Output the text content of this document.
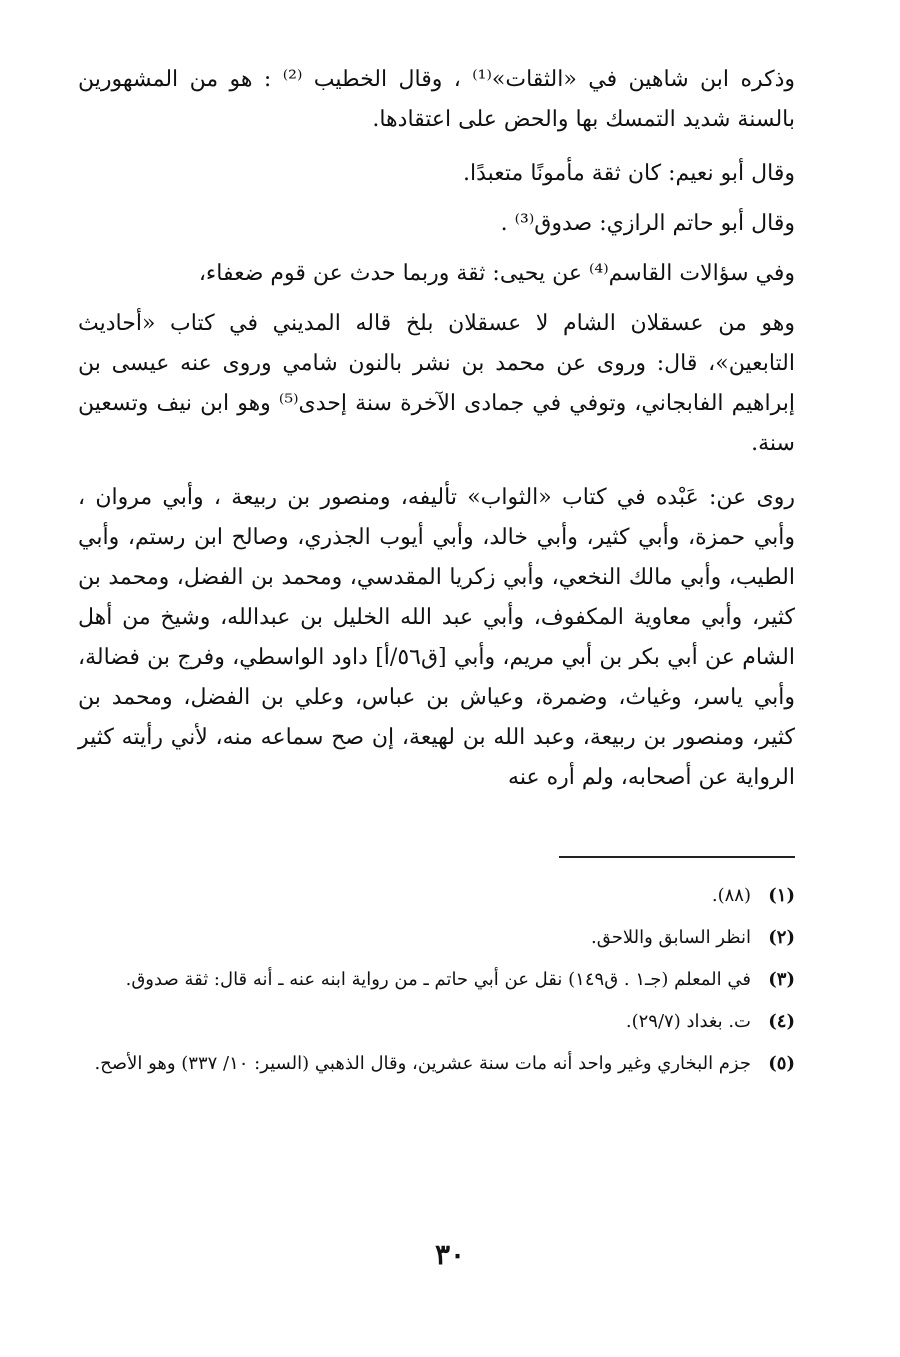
وذكره ابن شاهين في «الثقات»⁽¹⁾ ، وقال الخطيب ⁽²⁾ : هو من المشهورين بالسنة شديد التمسك بها والحض على اعتقادها.

وقال أبو نعيم: كان ثقة مأمونًا متعبدًا.

وقال أبو حاتم الرازي: صدوق⁽³⁾ .

وفي سؤالات القاسم⁽⁴⁾ عن يحيى: ثقة وربما حدث عن قوم ضعفاء،

وهو من عسقلان الشام لا عسقلان بلخ قاله المديني في كتاب «أحاديث التابعين»، قال: وروى عن محمد بن نشر بالنون شامي وروى عنه عيسى بن إبراهيم الفابجاني، وتوفي في جمادى الآخرة سنة إحدى⁽⁵⁾ وهو ابن نيف وتسعين سنة.

روى عن: عَبْده في كتاب «الثواب» تأليفه، ومنصور بن ربيعة ، وأبي مروان ، وأبي حمزة، وأبي كثير، وأبي خالد، وأبي أيوب الجذري، وصالح ابن رستم، وأبي الطيب، وأبي مالك النخعي، وأبي زكريا المقدسي، ومحمد بن الفضل، ومحمد بن كثير، وأبي معاوية المكفوف، وأبي عبد الله الخليل بن عبدالله، وشيخ من أهل الشام عن أبي بكر بن أبي مريم، وأبي [ق٥٦/أ] داود الواسطي، وفرج بن فضالة، وأبي ياسر، وغياث، وضمرة، وعياش بن عباس، وعلي بن الفضل، ومحمد بن كثير، ومنصور بن ربيعة، وعبد الله بن لهيعة، إن صح سماعه منه، لأني رأيته كثير الرواية عن أصحابه، ولم أره عنه

(١)
(٨٨).
(٢)
انظر السابق واللاحق.
(٣)
في المعلم (جـ١ . ق١٤٩) نقل عن أبي حاتم ـ من رواية ابنه عنه ـ أنه قال: ثقة صدوق.
(٤)
ت. بغداد (٢٩/٧).
(٥)
جزم البخاري وغير واحد أنه مات سنة عشرين، وقال الذهبي (السير: ١٠/ ٣٣٧) وهو الأصح.
٣٠
